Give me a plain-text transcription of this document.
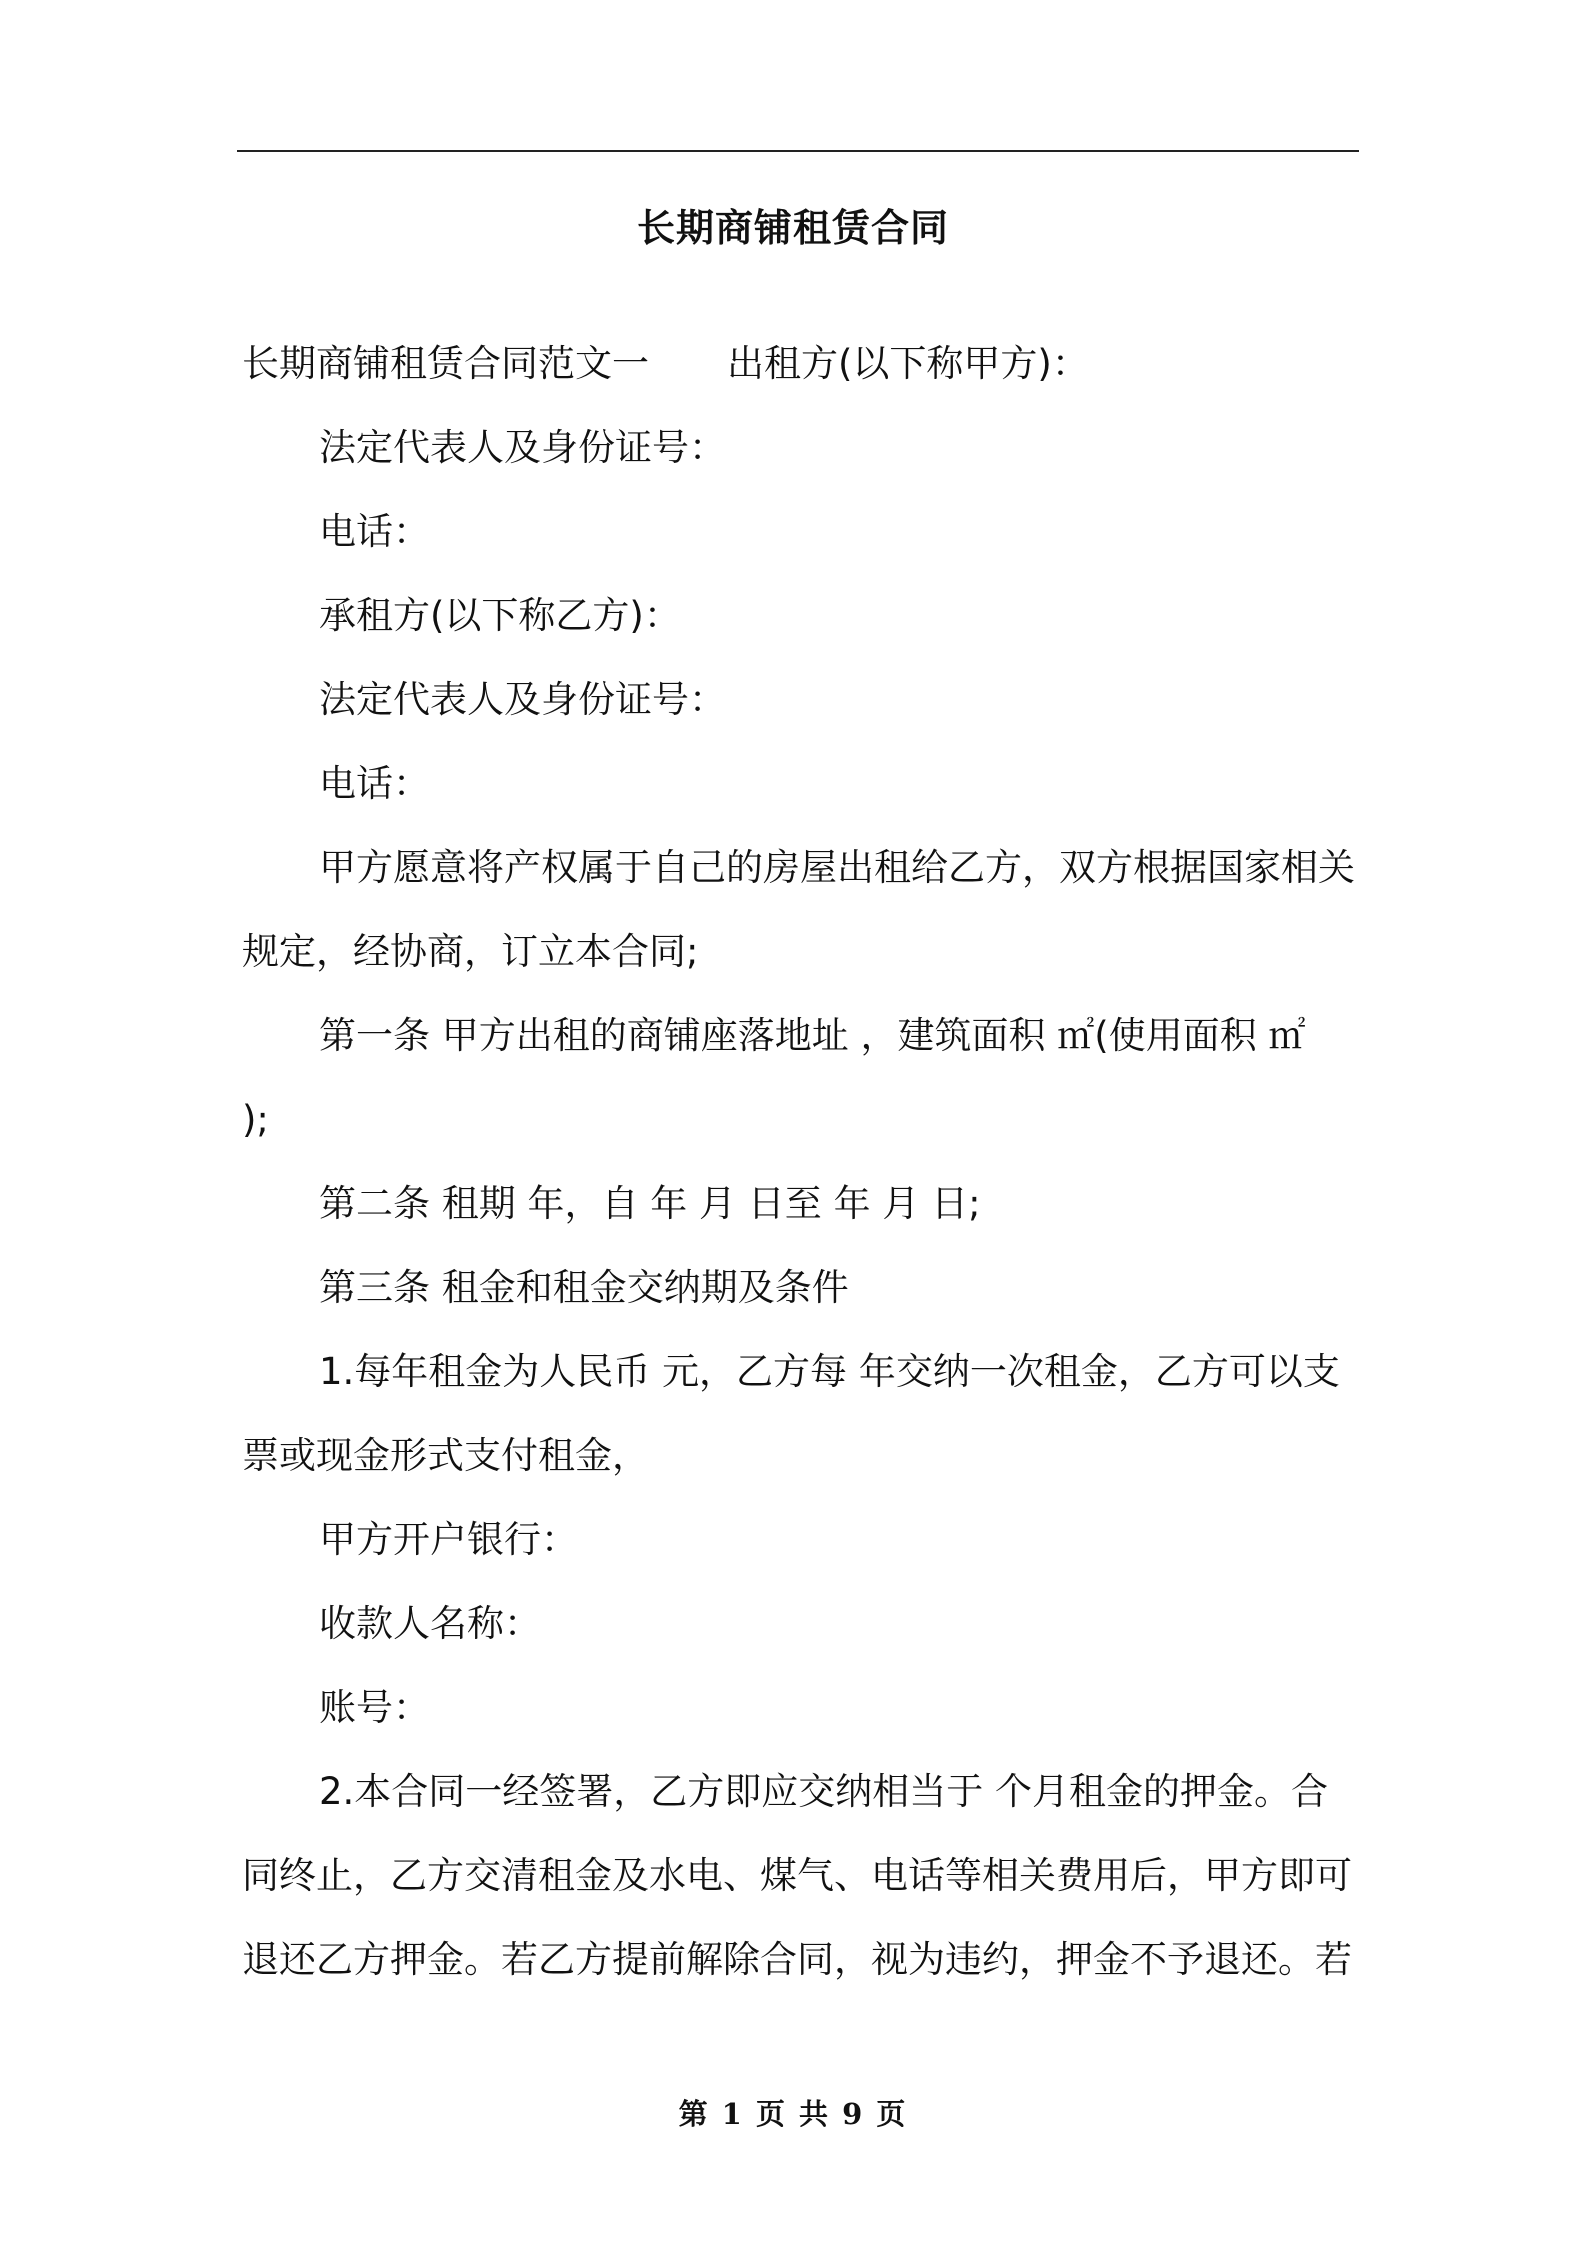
长期商铺租赁合同

长期商铺租赁合同范文一 出租方(以下称甲方)：

法定代表人及身份证号：

电话：

承租方(以下称乙方)：

法定代表人及身份证号：

电话：

甲方愿意将产权属于自己的房屋出租给乙方，双方根据国家相关

规定，经协商，订立本合同;

第一条 甲方出租的商铺座落地址 ，建筑面积 ㎡(使用面积 ㎡

);

第二条 租期 年，自 年 月 日至 年 月 日;

第三条 租金和租金交纳期及条件

1.每年租金为人民币 元，乙方每 年交纳一次租金，乙方可以支

票或现金形式支付租金，

甲方开户银行：

收款人名称：

账号：

2.本合同一经签署，乙方即应交纳相当于 个月租金的押金。合

同终止，乙方交清租金及水电、煤气、电话等相关费用后，甲方即可

退还乙方押金。若乙方提前解除合同，视为违约，押金不予退还。若

第 1 页 共 9 页
